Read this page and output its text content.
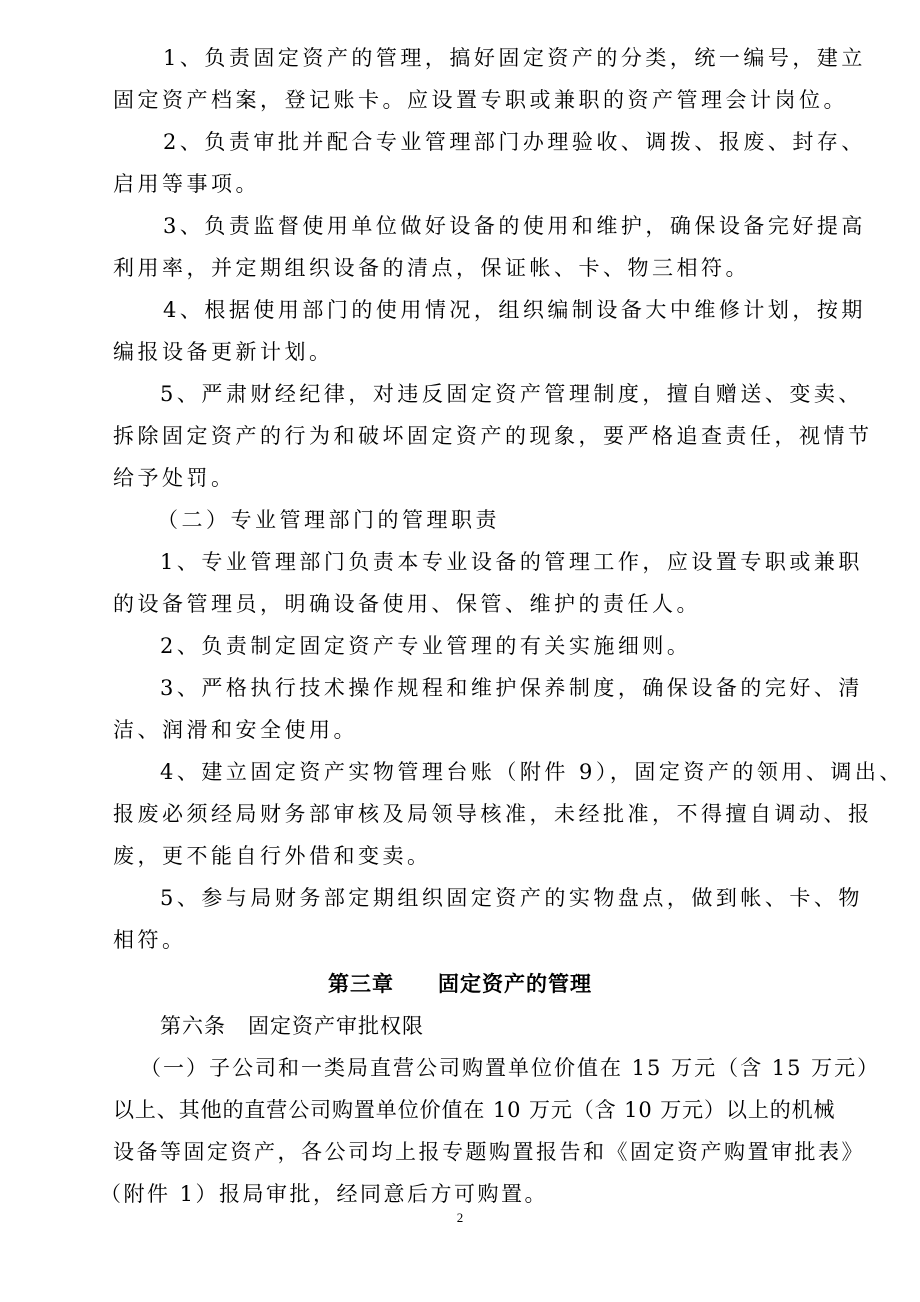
1、负责固定资产的管理，搞好固定资产的分类，统一编号，建立
固定资产档案，登记账卡。应设置专职或兼职的资产管理会计岗位。
2、负责审批并配合专业管理部门办理验收、调拨、报废、封存、
启用等事项。
3、负责监督使用单位做好设备的使用和维护，确保设备完好提高
利用率，并定期组织设备的清点，保证帐、卡、物三相符。
4、根据使用部门的使用情况，组织编制设备大中维修计划，按期
编报设备更新计划。
5、严肃财经纪律，对违反固定资产管理制度，擅自赠送、变卖、
拆除固定资产的行为和破坏固定资产的现象，要严格追查责任，视情节
给予处罚。
（二）专业管理部门的管理职责
1、专业管理部门负责本专业设备的管理工作，应设置专职或兼职
的设备管理员，明确设备使用、保管、维护的责任人。
2、负责制定固定资产专业管理的有关实施细则。
3、严格执行技术操作规程和维护保养制度，确保设备的完好、清
洁、润滑和安全使用。
4、建立固定资产实物管理台账（附件 9），固定资产的领用、调出、
报废必须经局财务部审核及局领导核准，未经批准，不得擅自调动、报
废，更不能自行外借和变卖。
5、参与局财务部定期组织固定资产的实物盘点，做到帐、卡、物
相符。
第三章　　固定资产的管理
第六条　固定资产审批权限
（一）子公司和一类局直营公司购置单位价值在 15 万元（含 15 万元）
以上、其他的直营公司购置单位价值在 10 万元（含 10 万元）以上的机械
设备等固定资产，各公司均上报专题购置报告和《固定资产购置审批表》
（附件 1）报局审批，经同意后方可购置。
2
